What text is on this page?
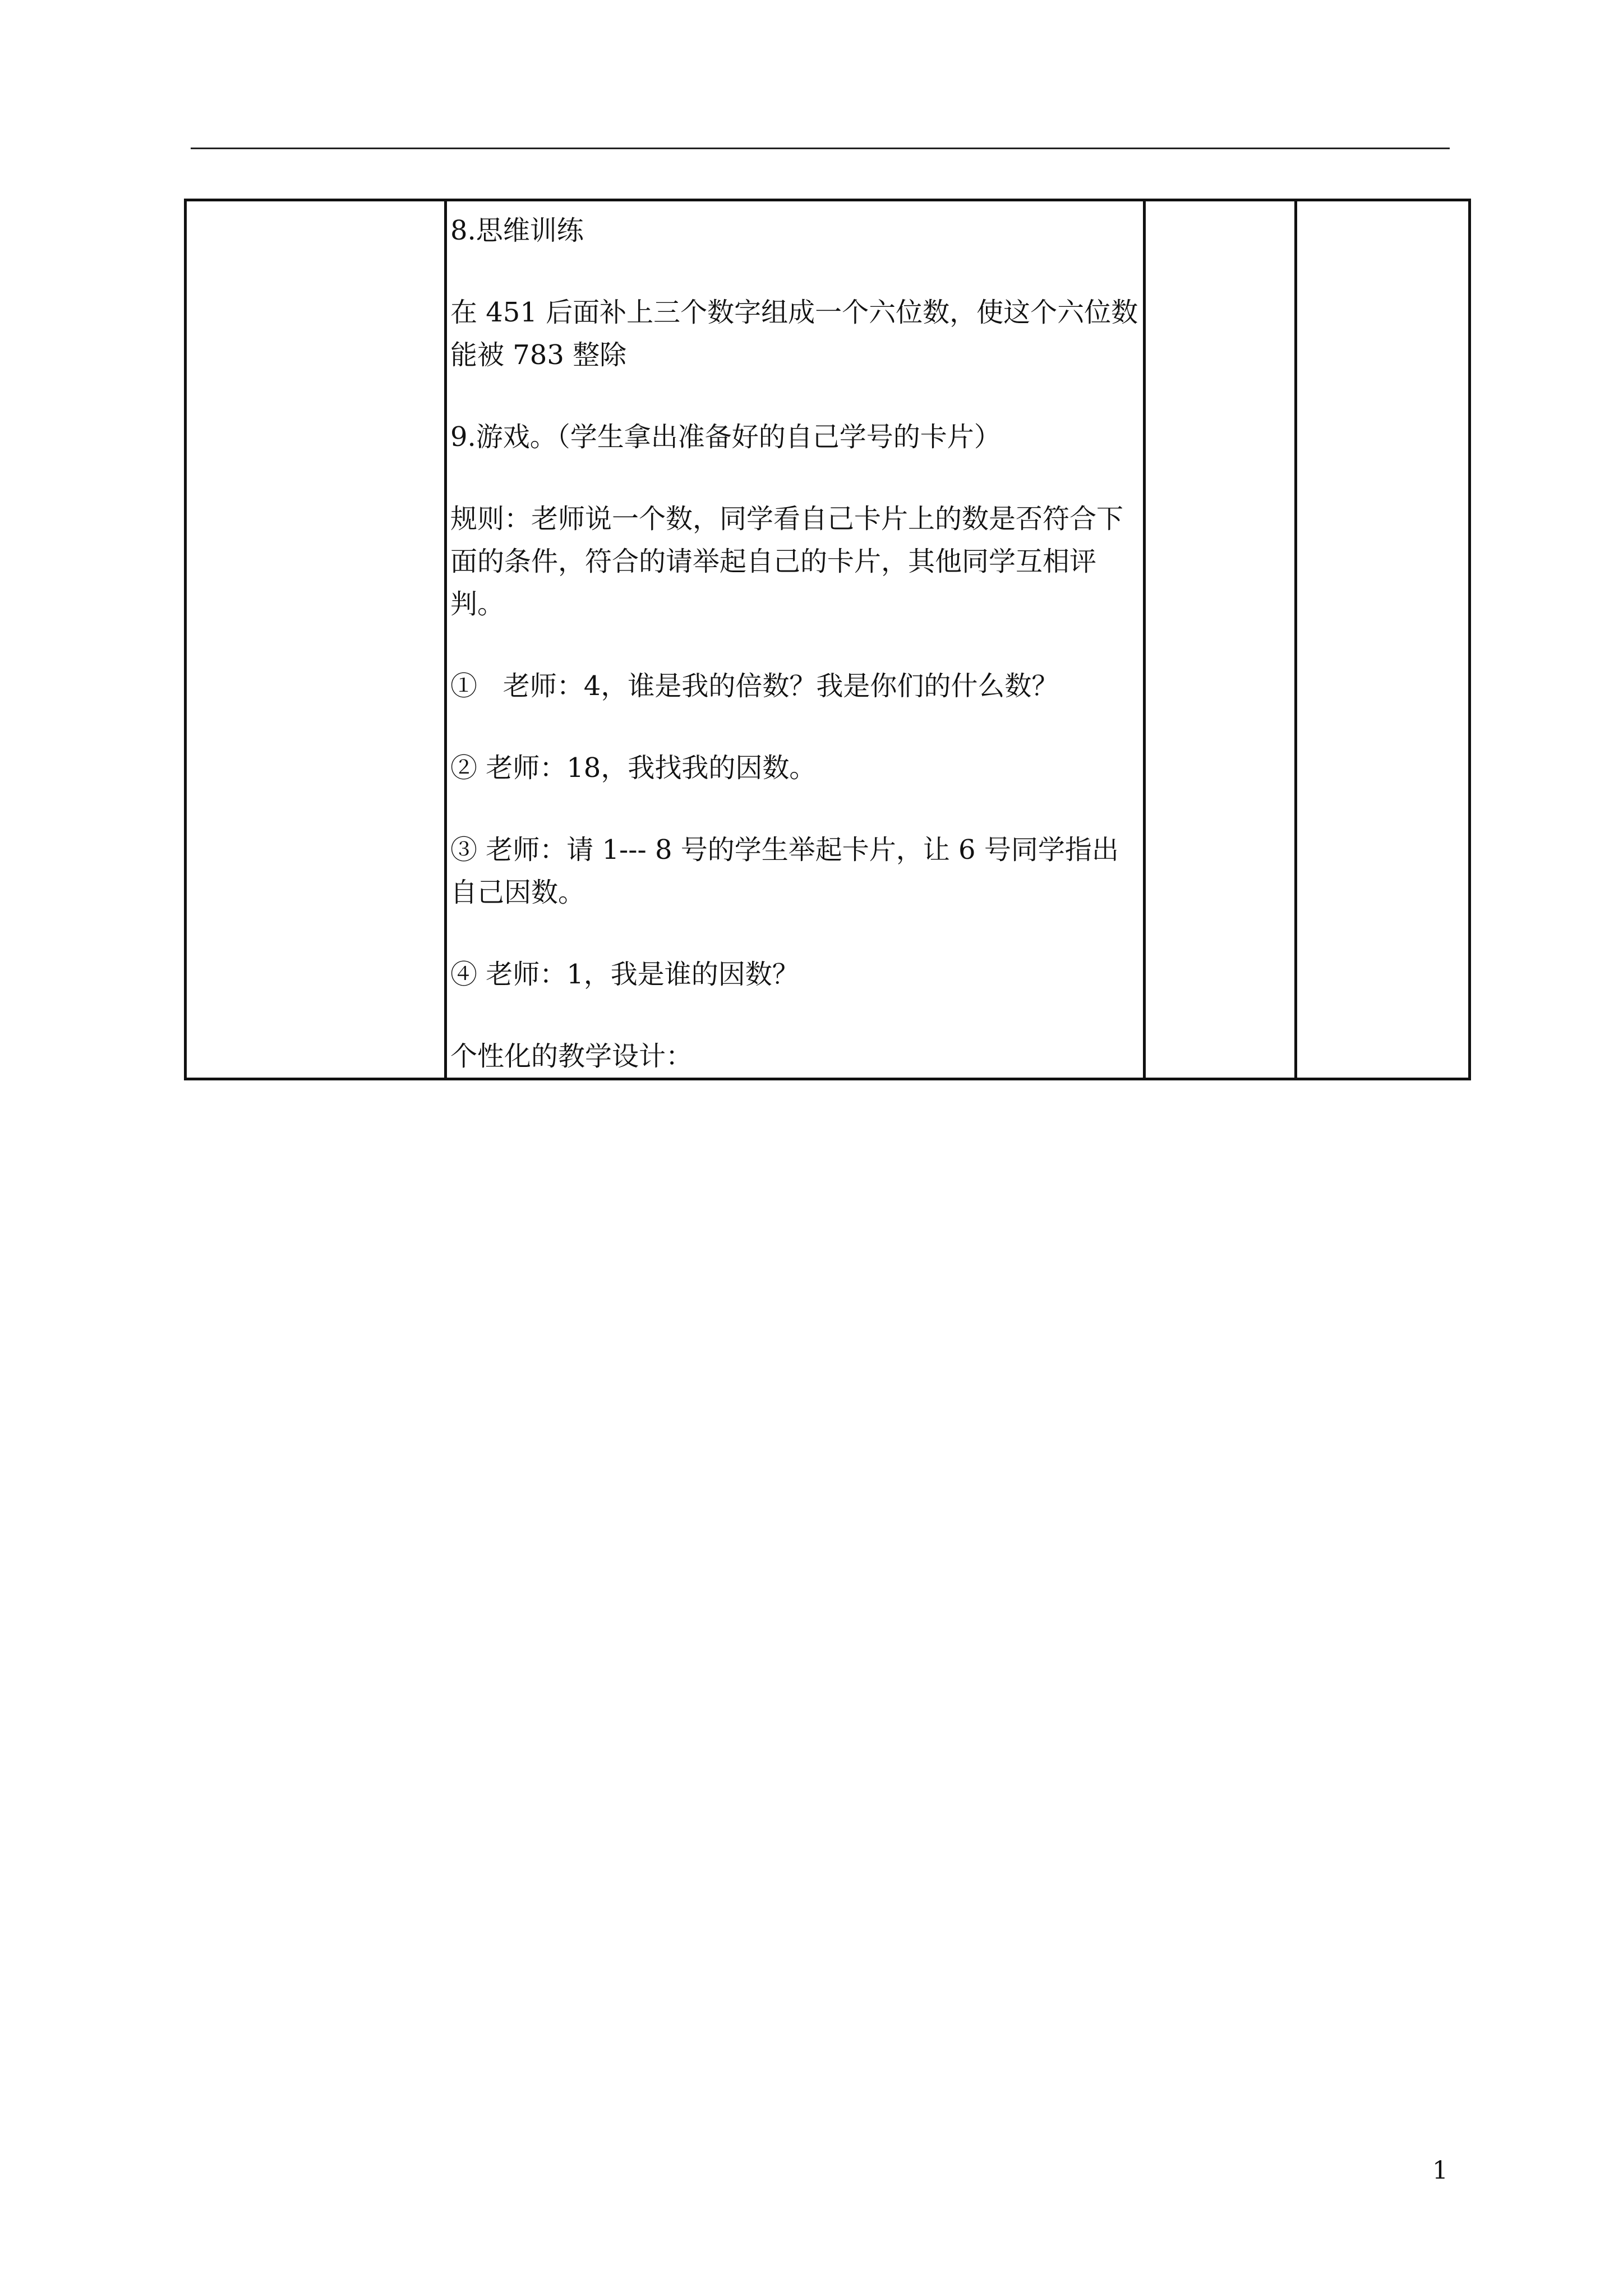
8.思维训练

在 451 后面补上三个数字组成一个六位数，使这个六位数能被 783 整除

9.游戏。（学生拿出准备好的自己学号的卡片）

规则：老师说一个数，同学看自己卡片上的数是否符合下面的条件，符合的请举起自己的卡片，其他同学互相评判。

①   老师：4，谁是我的倍数？我是你们的什么数？

② 老师：18，我找我的因数。

③ 老师：请 1--- 8 号的学生举起卡片，让 6 号同学指出自己因数。

④ 老师：1，我是谁的因数？

个性化的教学设计：

1
